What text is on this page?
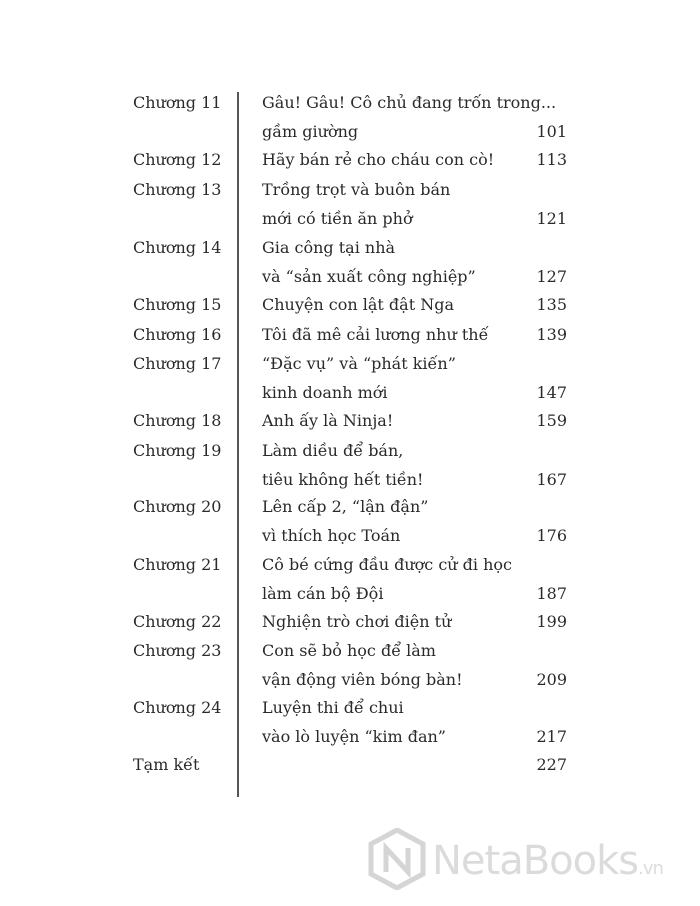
Chương 11	Gâu! Gâu! Cô chủ đang trốn trong...
gầm giường	101
Chương 12	Hãy bán rẻ cho cháu con cò!	113
Chương 13	Trồng trọt và buôn bán
mới có tiền ăn phở	121
Chương 14	Gia công tại nhà
và “sản xuất công nghiệp”	127
Chương 15	Chuyện con lật đật Nga	135
Chương 16	Tôi đã mê cải lương như thế	139
Chương 17	“Đặc vụ” và “phát kiến”
kinh doanh mới	147
Chương 18	Anh ấy là Ninja!	159
Chương 19	Làm diều để bán,
tiêu không hết tiền!	167
Chương 20	Lên cấp 2, “lận đận”
vì thích học Toán	176
Chương 21	Cô bé cứng đầu được cử đi học
làm cán bộ Đội	187
Chương 22	Nghiện trò chơi điện tử	199
Chương 23	Con sẽ bỏ học để làm
vận động viên bóng bàn!	209
Chương 24	Luyện thi để chui
vào lò luyện “kim đan”	217
Tạm kết	227
NetaBooks.vn
